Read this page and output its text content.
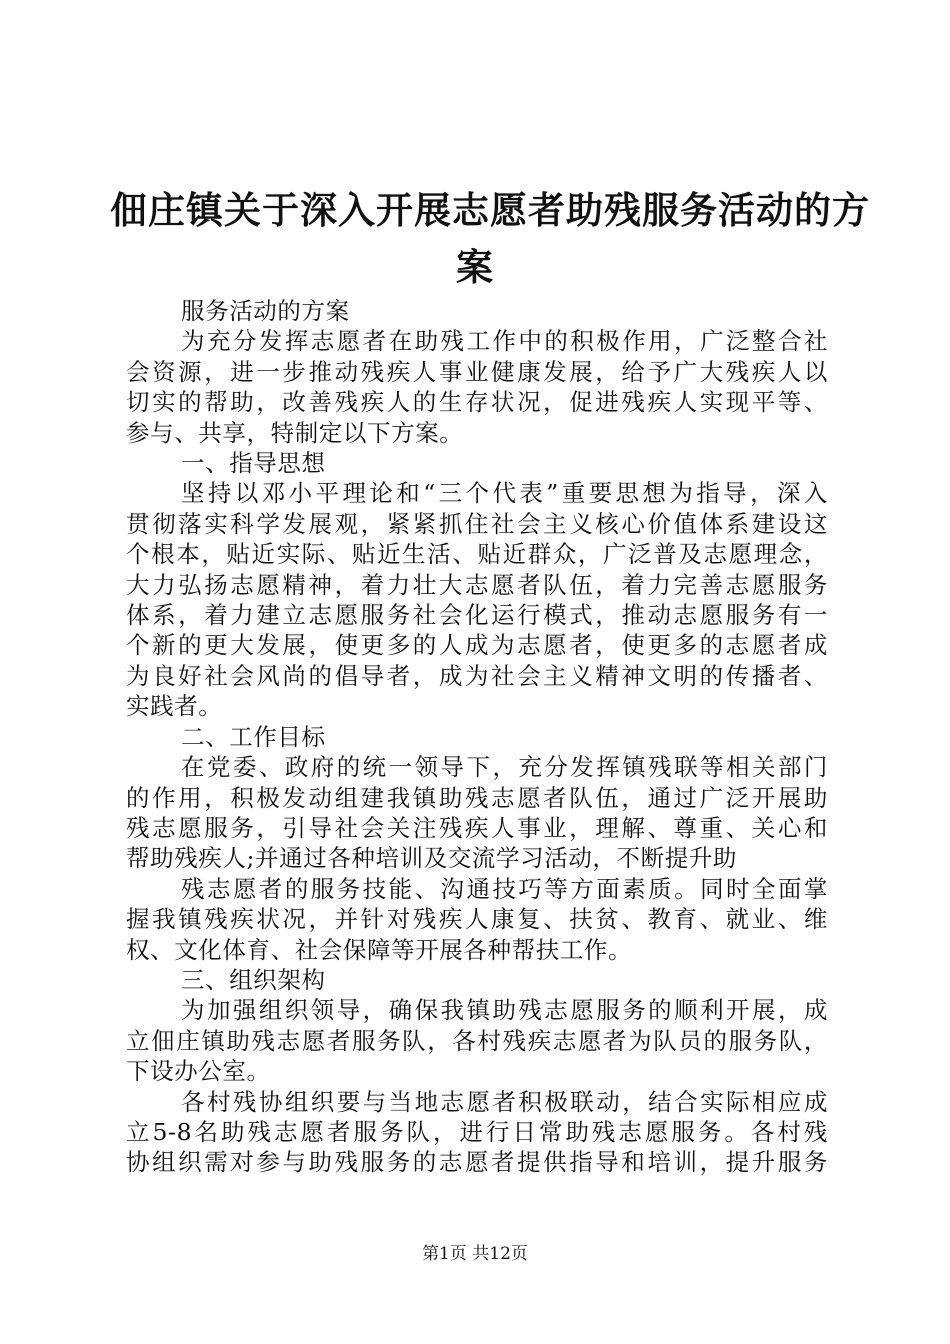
佃庄镇关于深入开展志愿者助残服务活动的方
案
服务活动的方案
为充分发挥志愿者在助残工作中的积极作用，广泛整合社
会资源，进一步推动残疾人事业健康发展，给予广大残疾人以
切实的帮助，改善残疾人的生存状况，促进残疾人实现平等、
参与、共享，特制定以下方案。
一、指导思想
坚持以邓小平理论和“三个代表”重要思想为指导，深入
贯彻落实科学发展观，紧紧抓住社会主义核心价值体系建设这
个根本，贴近实际、贴近生活、贴近群众，广泛普及志愿理念，
大力弘扬志愿精神，着力壮大志愿者队伍，着力完善志愿服务
体系，着力建立志愿服务社会化运行模式，推动志愿服务有一
个新的更大发展，使更多的人成为志愿者，使更多的志愿者成
为良好社会风尚的倡导者，成为社会主义精神文明的传播者、
实践者。
二、工作目标
在党委、政府的统一领导下，充分发挥镇残联等相关部门
的作用，积极发动组建我镇助残志愿者队伍，通过广泛开展助
残志愿服务，引导社会关注残疾人事业，理解、尊重、关心和
帮助残疾人;并通过各种培训及交流学习活动，不断提升助
残志愿者的服务技能、沟通技巧等方面素质。同时全面掌
握我镇残疾状况，并针对残疾人康复、扶贫、教育、就业、维
权、文化体育、社会保障等开展各种帮扶工作。
三、组织架构
为加强组织领导，确保我镇助残志愿服务的顺利开展，成
立佃庄镇助残志愿者服务队，各村残疾志愿者为队员的服务队，
下设办公室。
各村残协组织要与当地志愿者积极联动，结合实际相应成
立5-8名助残志愿者服务队，进行日常助残志愿服务。各村残
协组织需对参与助残服务的志愿者提供指导和培训，提升服务
第1页 共12页
